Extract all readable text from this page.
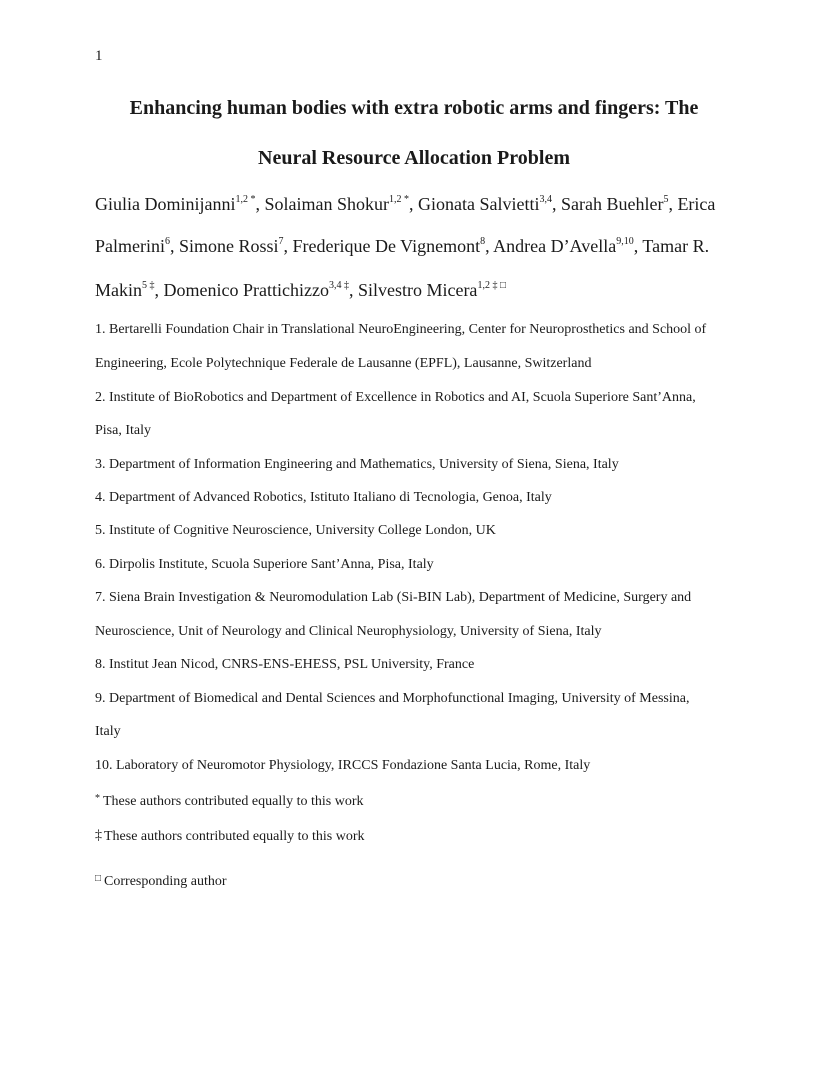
1
Enhancing human bodies with extra robotic arms and fingers: The
Neural Resource Allocation Problem
Giulia Dominijanni$^{1,2 *}$, Solaiman Shokur$^{1,2 *}$, Gionata Salvietti$^{3,4}$, Sarah Buehler$^5$, Erica
Palmerini$^6$, Simone Rossi$^7$, Frederique De Vignemont$^8$, Andrea D’Avella$^{9,10}$, Tamar R.
Makin$^{5 \ddagger}$, Domenico Prattichizzo$^{3,4 \ddagger}$, Silvestro Micera$^{1,2 \ddagger □}$
1. Bertarelli Foundation Chair in Translational NeuroEngineering, Center for Neuroprosthetics and School of
Engineering, Ecole Polytechnique Federale de Lausanne (EPFL), Lausanne, Switzerland
2. Institute of BioRobotics and Department of Excellence in Robotics and AI, Scuola Superiore Sant’Anna,
Pisa, Italy
3. Department of Information Engineering and Mathematics, University of Siena, Siena, Italy
4. Department of Advanced Robotics, Istituto Italiano di Tecnologia, Genoa, Italy
5. Institute of Cognitive Neuroscience, University College London, UK
6. Dirpolis Institute, Scuola Superiore Sant’Anna, Pisa, Italy
7. Siena Brain Investigation & Neuromodulation Lab (Si-BIN Lab), Department of Medicine, Surgery and
Neuroscience, Unit of Neurology and Clinical Neurophysiology, University of Siena, Italy
8. Institut Jean Nicod, CNRS-ENS-EHESS, PSL University, France
9. Department of Biomedical and Dental Sciences and Morphofunctional Imaging, University of Messina,
Italy
10. Laboratory of Neuromotor Physiology, IRCCS Fondazione Santa Lucia, Rome, Italy
* These authors contributed equally to this work
‡ These authors contributed equally to this work
□ Corresponding author
